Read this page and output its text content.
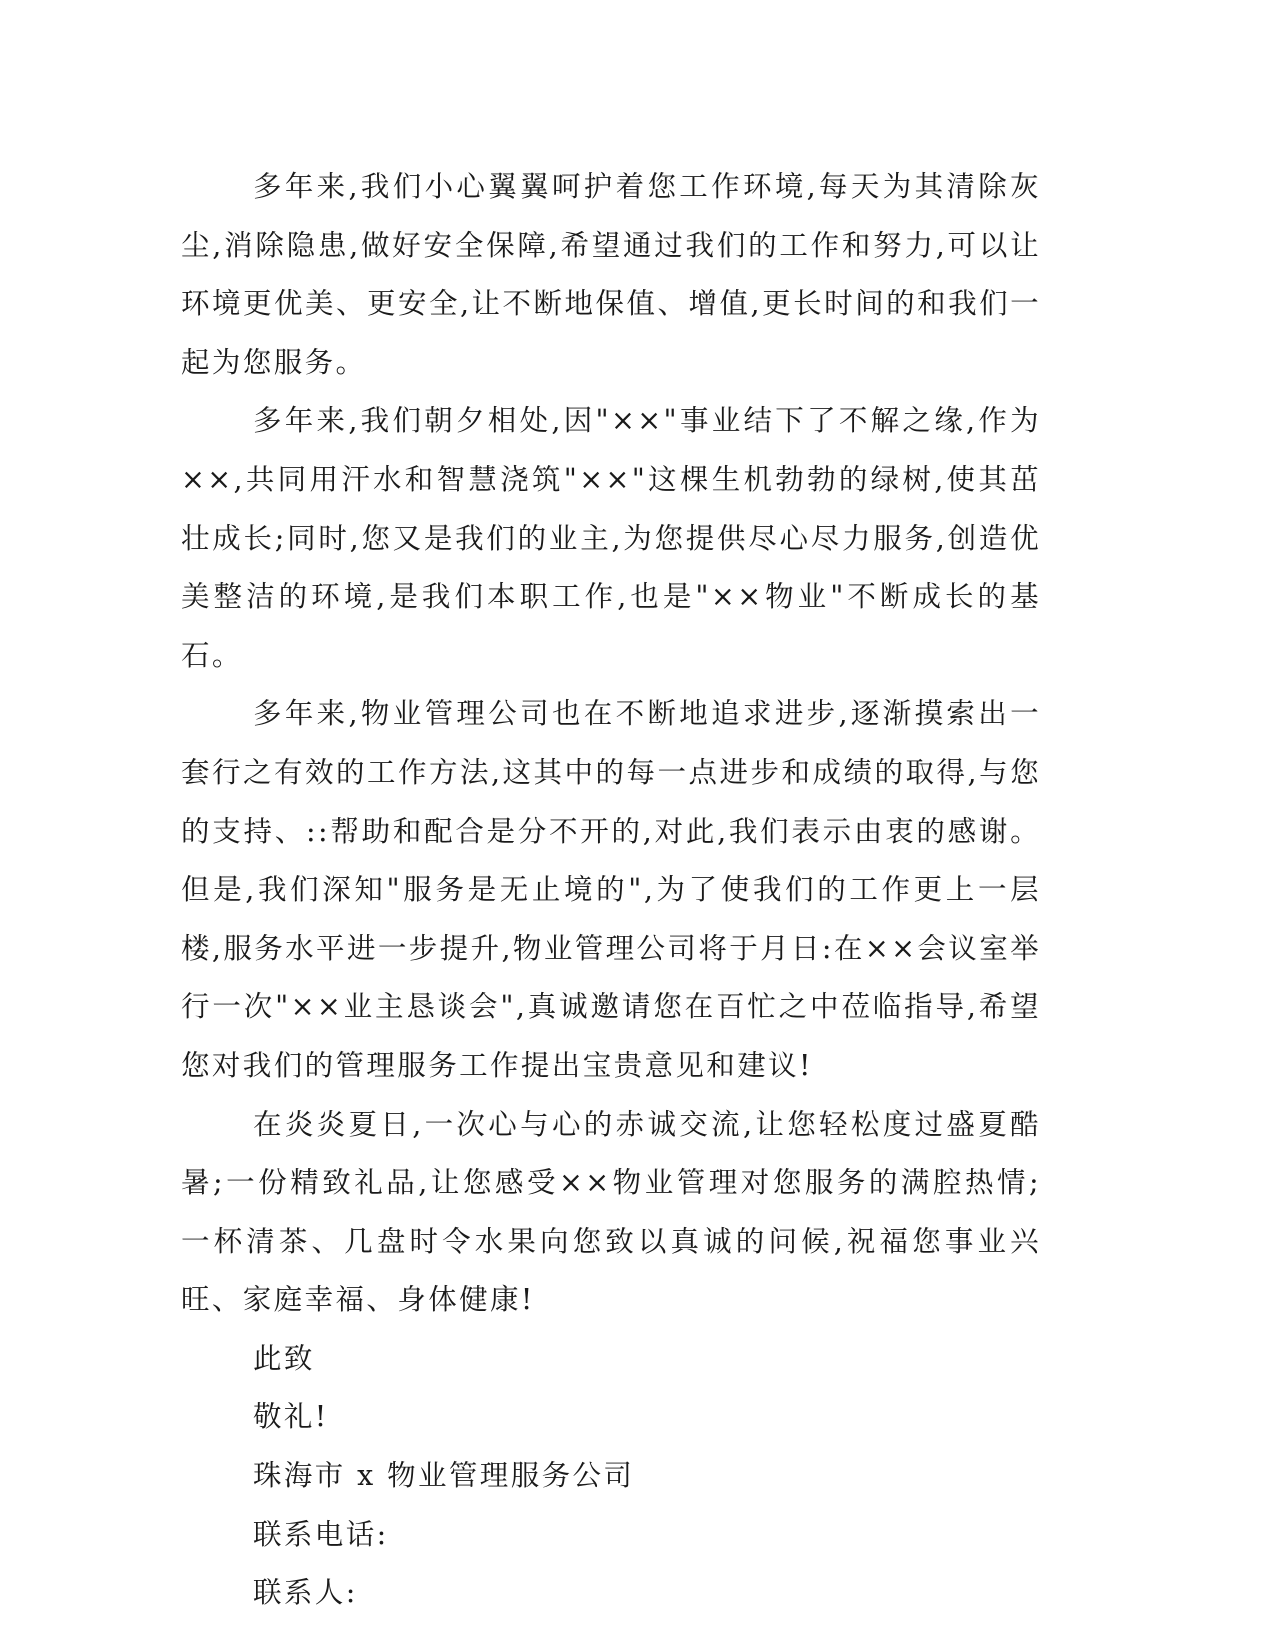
多年来,我们小心翼翼呵护着您工作环境,每天为其清除灰尘,消除隐患,做好安全保障,希望通过我们的工作和努力,可以让环境更优美、更安全,让不断地保值、增值,更长时间的和我们一起为您服务。

多年来,我们朝夕相处,因"××"事业结下了不解之缘,作为××,共同用汗水和智慧浇筑"××"这棵生机勃勃的绿树,使其茁壮成长;同时,您又是我们的业主,为您提供尽心尽力服务,创造优美整洁的环境,是我们本职工作,也是"××物业"不断成长的基石。

多年来,物业管理公司也在不断地追求进步,逐渐摸索出一套行之有效的工作方法,这其中的每一点进步和成绩的取得,与您的支持、::帮助和配合是分不开的,对此,我们表示由衷的感谢。但是,我们深知"服务是无止境的",为了使我们的工作更上一层楼,服务水平进一步提升,物业管理公司将于月日:在××会议室举行一次"××业主恳谈会",真诚邀请您在百忙之中莅临指导,希望您对我们的管理服务工作提出宝贵意见和建议!

在炎炎夏日,一次心与心的赤诚交流,让您轻松度过盛夏酷暑;一份精致礼品,让您感受××物业管理对您服务的满腔热情;一杯清茶、几盘时令水果向您致以真诚的问候,祝福您事业兴旺、家庭幸福、身体健康!

此致

敬礼!

珠海市 x 物业管理服务公司

联系电话:

联系人:
